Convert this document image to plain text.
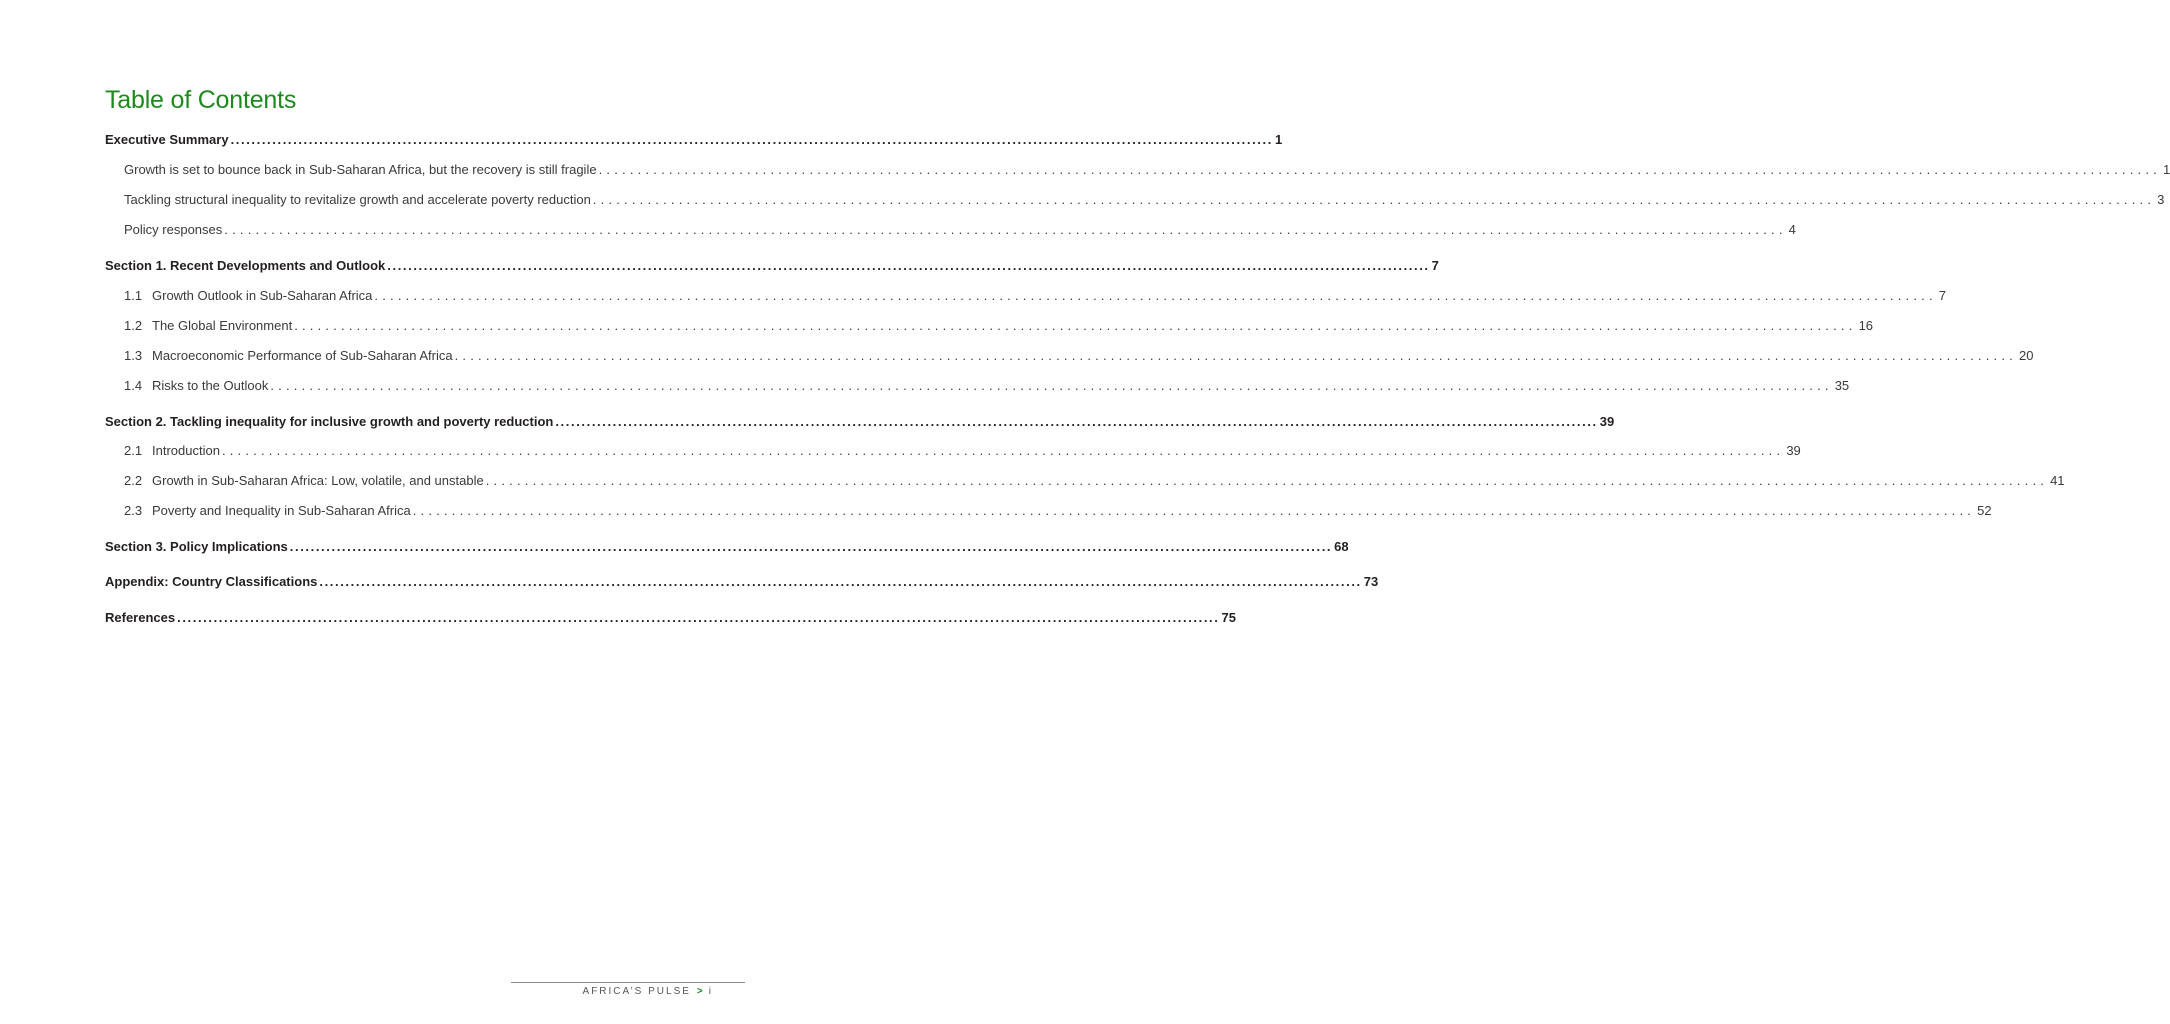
Table of Contents
Executive Summary ........................................................................................................................................................................................................ 1
Growth is set to bounce back in Sub-Saharan Africa, but the recovery is still fragile ........................................................................................................................................................................................................ 1
Tackling structural inequality to revitalize growth and accelerate poverty reduction ........................................................................................................................................................................................................ 3
Policy responses ........................................................................................................................................................................................................ 4
Section 1. Recent Developments and Outlook ........................................................................................................................................................................................................ 7
1.1 Growth Outlook in Sub-Saharan Africa ........................................................................................................................................................................................................ 7
1.2 The Global Environment ........................................................................................................................................................................................................ 16
1.3 Macroeconomic Performance of Sub-Saharan Africa ........................................................................................................................................................................................................ 20
1.4 Risks to the Outlook ........................................................................................................................................................................................................ 35
Section 2. Tackling inequality for inclusive growth and poverty reduction ........................................................................................................................................................................................................ 39
2.1 Introduction ........................................................................................................................................................................................................ 39
2.2 Growth in Sub-Saharan Africa: Low, volatile, and unstable ........................................................................................................................................................................................................ 41
2.3 Poverty and Inequality in Sub-Saharan Africa ........................................................................................................................................................................................................ 52
Section 3. Policy Implications ........................................................................................................................................................................................................ 68
Appendix: Country Classifications ........................................................................................................................................................................................................ 73
References ........................................................................................................................................................................................................ 75
AFRICA’S PULSE > i
